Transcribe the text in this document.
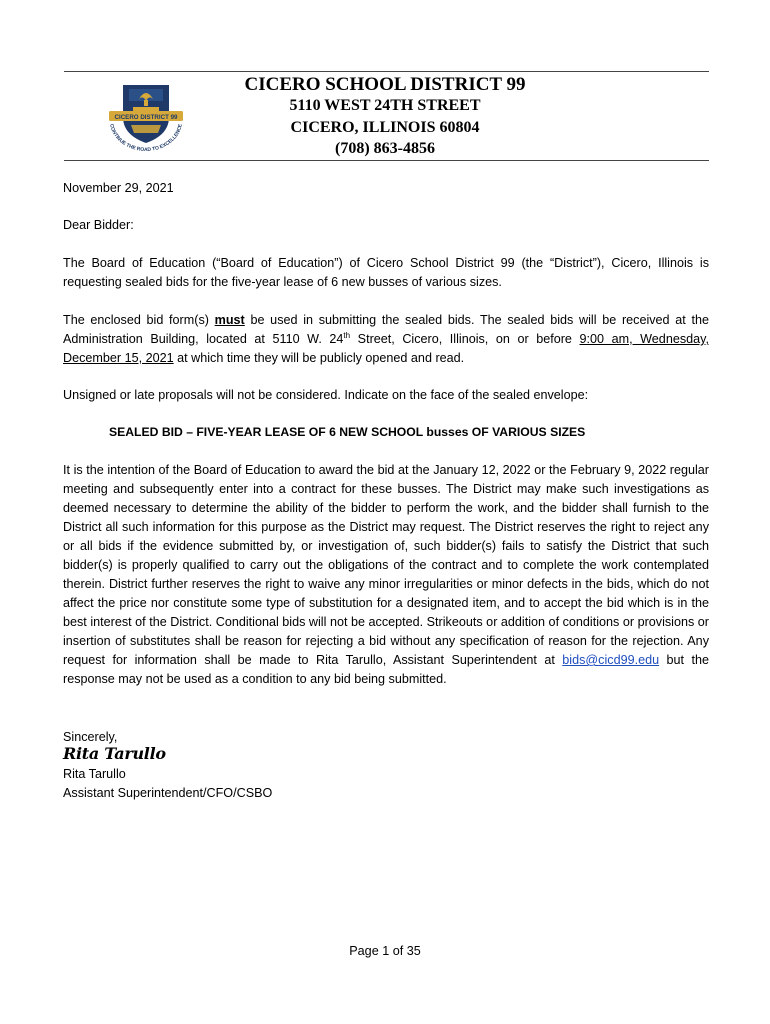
CICERO DISTRICT 99
CONTINUE THE ROAD TO EXCELLENCE
CICERO SCHOOL DISTRICT 99
5110 WEST 24TH STREET
CICERO, ILLINOIS 60804
(708) 863-4856
November 29, 2021
Dear Bidder:
The Board of Education (“Board of Education”) of Cicero School District 99 (the “District”), Cicero, Illinois is requesting sealed bids for the five-year lease of 6 new busses of various sizes.
The enclosed bid form(s) must be used in submitting the sealed bids. The sealed bids will be received at the Administration Building, located at 5110 W. 24th Street, Cicero, Illinois, on or before 9:00 am, Wednesday, December 15, 2021 at which time they will be publicly opened and read.
Unsigned or late proposals will not be considered. Indicate on the face of the sealed envelope:
SEALED BID – FIVE-YEAR LEASE OF 6 NEW SCHOOL busses OF VARIOUS SIZES
It is the intention of the Board of Education to award the bid at the January 12, 2022 or the February 9, 2022 regular meeting and subsequently enter into a contract for these busses. The District may make such investigations as deemed necessary to determine the ability of the bidder to perform the work, and the bidder shall furnish to the District all such information for this purpose as the District may request. The District reserves the right to reject any or all bids if the evidence submitted by, or investigation of, such bidder(s) fails to satisfy the District that such bidder(s) is properly qualified to carry out the obligations of the contract and to complete the work contemplated therein. District further reserves the right to waive any minor irregularities or minor defects in the bids, which do not affect the price nor constitute some type of substitution for a designated item, and to accept the bid which is in the best interest of the District. Conditional bids will not be accepted. Strikeouts or addition of conditions or provisions or insertion of substitutes shall be reason for rejecting a bid without any specification of reason for the rejection. Any request for information shall be made to Rita Tarullo, Assistant Superintendent at bids@cicd99.edu but the response may not be used as a condition to any bid being submitted.
Sincerely,
Rita Tarullo
Rita Tarullo
Assistant Superintendent/CFO/CSBO
Page 1 of 35
